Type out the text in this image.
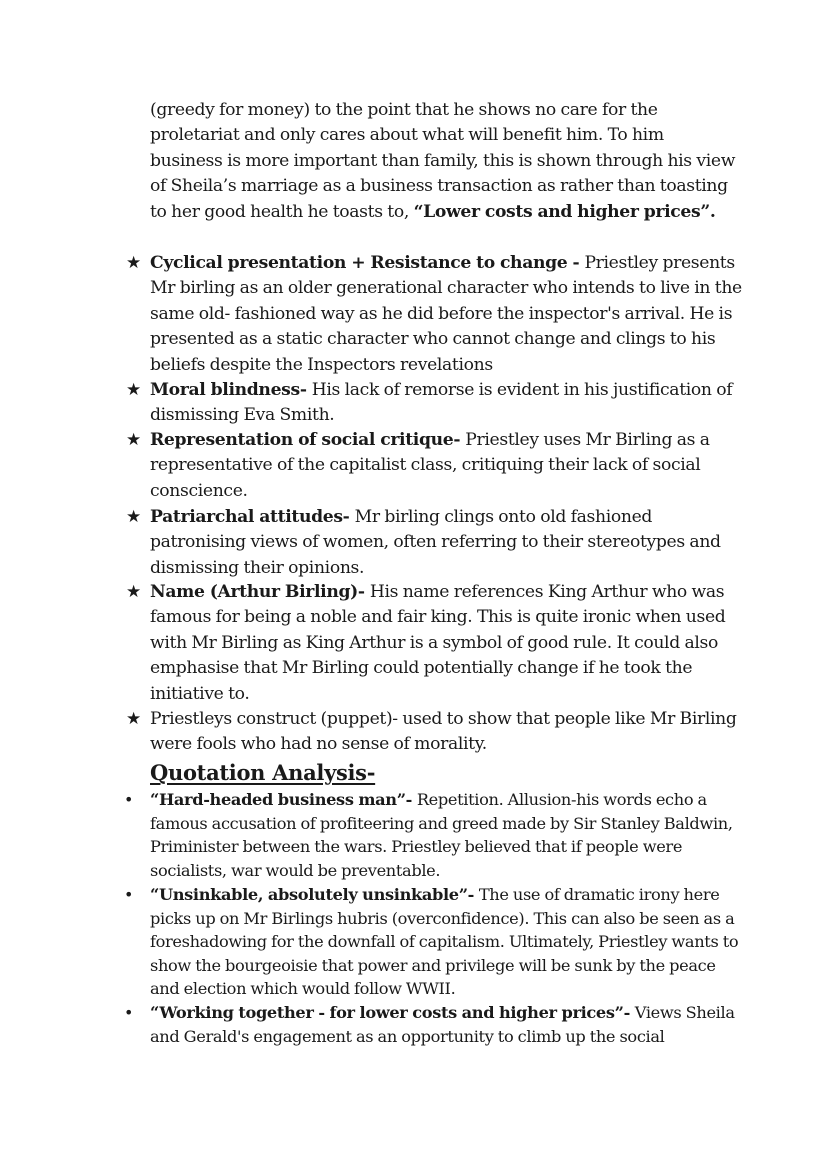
(greedy for money) to the point that he shows no care for the proletariat and only cares about what will benefit him. To him business is more important than family, this is shown through his view of Sheila’s marriage as a business transaction as rather than toasting to her good health he toasts to, “Lower costs and higher prices”.

★ Cyclical presentation + Resistance to change - Priestley presents Mr birling as an older generational character who intends to live in the same old- fashioned way as he did before the inspector's arrival. He is presented as a static character who cannot change and clings to his beliefs despite the Inspectors revelations

★ Moral blindness- His lack of remorse is evident in his justification of dismissing Eva Smith.

★ Representation of social critique- Priestley uses Mr Birling as a representative of the capitalist class, critiquing their lack of social conscience.

★ Patriarchal attitudes- Mr birling clings onto old fashioned patronising views of women, often referring to their stereotypes and dismissing their opinions.

★ Name (Arthur Birling)- His name references King Arthur who was famous for being a noble and fair king. This is quite ironic when used with Mr Birling as King Arthur is a symbol of good rule. It could also emphasise that Mr Birling could potentially change if he took the initiative to.

★ Priestleys construct (puppet)- used to show that people like Mr Birling were fools who had no sense of morality.

Quotation Analysis-
• “Hard-headed business man”- Repetition. Allusion-his words echo a famous accusation of profiteering and greed made by Sir Stanley Baldwin, Priminister between the wars. Priestley believed that if people were socialists, war would be preventable.

• “Unsinkable, absolutely unsinkable”- The use of dramatic irony here picks up on Mr Birlings hubris (overconfidence). This can also be seen as a foreshadowing for the downfall of capitalism. Ultimately, Priestley wants to show the bourgeoisie that power and privilege will be sunk by the peace and election which would follow WWII.

• “Working together - for lower costs and higher prices”- Views Sheila and Gerald's engagement as an opportunity to climb up the social
